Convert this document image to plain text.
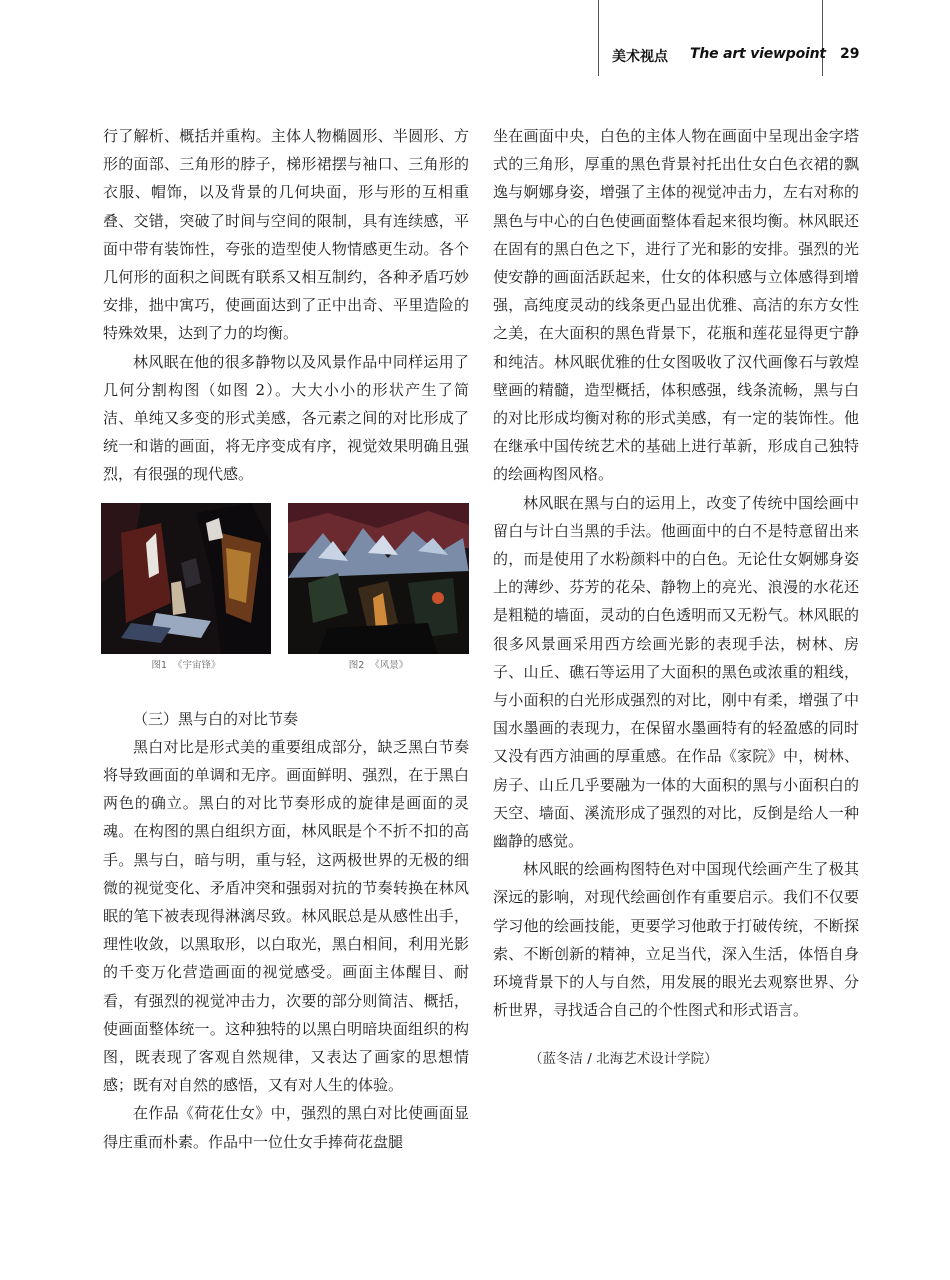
美术视点 The art viewpoint 29

行了解析、概括并重构。主体人物椭圆形、半圆形、方形的面部、三角形的脖子，梯形裙摆与袖口、三角形的衣服、帽饰，以及背景的几何块面，形与形的互相重叠、交错，突破了时间与空间的限制，具有连续感，平面中带有装饰性，夸张的造型使人物情感更生动。各个几何形的面积之间既有联系又相互制约，各种矛盾巧妙安排，拙中寓巧，使画面达到了正中出奇、平里造险的特殊效果，达到了力的均衡。

林风眠在他的很多静物以及风景作品中同样运用了几何分割构图（如图 2）。大大小小的形状产生了简洁、单纯又多变的形式美感，各元素之间的对比形成了统一和谐的画面，将无序变成有序，视觉效果明确且强烈，有很强的现代感。

图1  《宇宙锋》	图2  《风景》

（三）黑与白的对比节奏

黑白对比是形式美的重要组成部分，缺乏黑白节奏将导致画面的单调和无序。画面鲜明、强烈，在于黑白两色的确立。黑白的对比节奏形成的旋律是画面的灵魂。在构图的黑白组织方面，林风眠是个不折不扣的高手。黑与白，暗与明，重与轻，这两极世界的无极的细微的视觉变化、矛盾冲突和强弱对抗的节奏转换在林风眠的笔下被表现得淋漓尽致。林风眠总是从感性出手，理性收敛，以黑取形，以白取光，黑白相间，利用光影的千变万化营造画面的视觉感受。画面主体醒目、耐看，有强烈的视觉冲击力，次要的部分则简洁、概括，使画面整体统一。这种独特的以黑白明暗块面组织的构图，既表现了客观自然规律，又表达了画家的思想情感；既有对自然的感悟，又有对人生的体验。

在作品《荷花仕女》中，强烈的黑白对比使画面显得庄重而朴素。作品中一位仕女手捧荷花盘腿

坐在画面中央，白色的主体人物在画面中呈现出金字塔式的三角形，厚重的黑色背景衬托出仕女白色衣裙的飘逸与婀娜身姿，增强了主体的视觉冲击力，左右对称的黑色与中心的白色使画面整体看起来很均衡。林风眠还在固有的黑白色之下，进行了光和影的安排。强烈的光使安静的画面活跃起来，仕女的体积感与立体感得到增强，高纯度灵动的线条更凸显出优雅、高洁的东方女性之美，在大面积的黑色背景下，花瓶和莲花显得更宁静和纯洁。林风眠优雅的仕女图吸收了汉代画像石与敦煌壁画的精髓，造型概括，体积感强，线条流畅，黑与白的对比形成均衡对称的形式美感，有一定的装饰性。他在继承中国传统艺术的基础上进行革新，形成自己独特的绘画构图风格。

林风眠在黑与白的运用上，改变了传统中国绘画中留白与计白当黑的手法。他画面中的白不是特意留出来的，而是使用了水粉颜料中的白色。无论仕女婀娜身姿上的薄纱、芬芳的花朵、静物上的亮光、浪漫的水花还是粗糙的墙面，灵动的白色透明而又无粉气。林风眠的很多风景画采用西方绘画光影的表现手法，树林、房子、山丘、礁石等运用了大面积的黑色或浓重的粗线，与小面积的白光形成强烈的对比，刚中有柔，增强了中国水墨画的表现力，在保留水墨画特有的轻盈感的同时又没有西方油画的厚重感。在作品《家院》中，树林、房子、山丘几乎要融为一体的大面积的黑与小面积白的天空、墙面、溪流形成了强烈的对比，反倒是给人一种幽静的感觉。

林风眠的绘画构图特色对中国现代绘画产生了极其深远的影响，对现代绘画创作有重要启示。我们不仅要学习他的绘画技能，更要学习他敢于打破传统，不断探索、不断创新的精神，立足当代，深入生活，体悟自身环境背景下的人与自然，用发展的眼光去观察世界、分析世界，寻找适合自己的个性图式和形式语言。

（蓝冬洁 / 北海艺术设计学院）
